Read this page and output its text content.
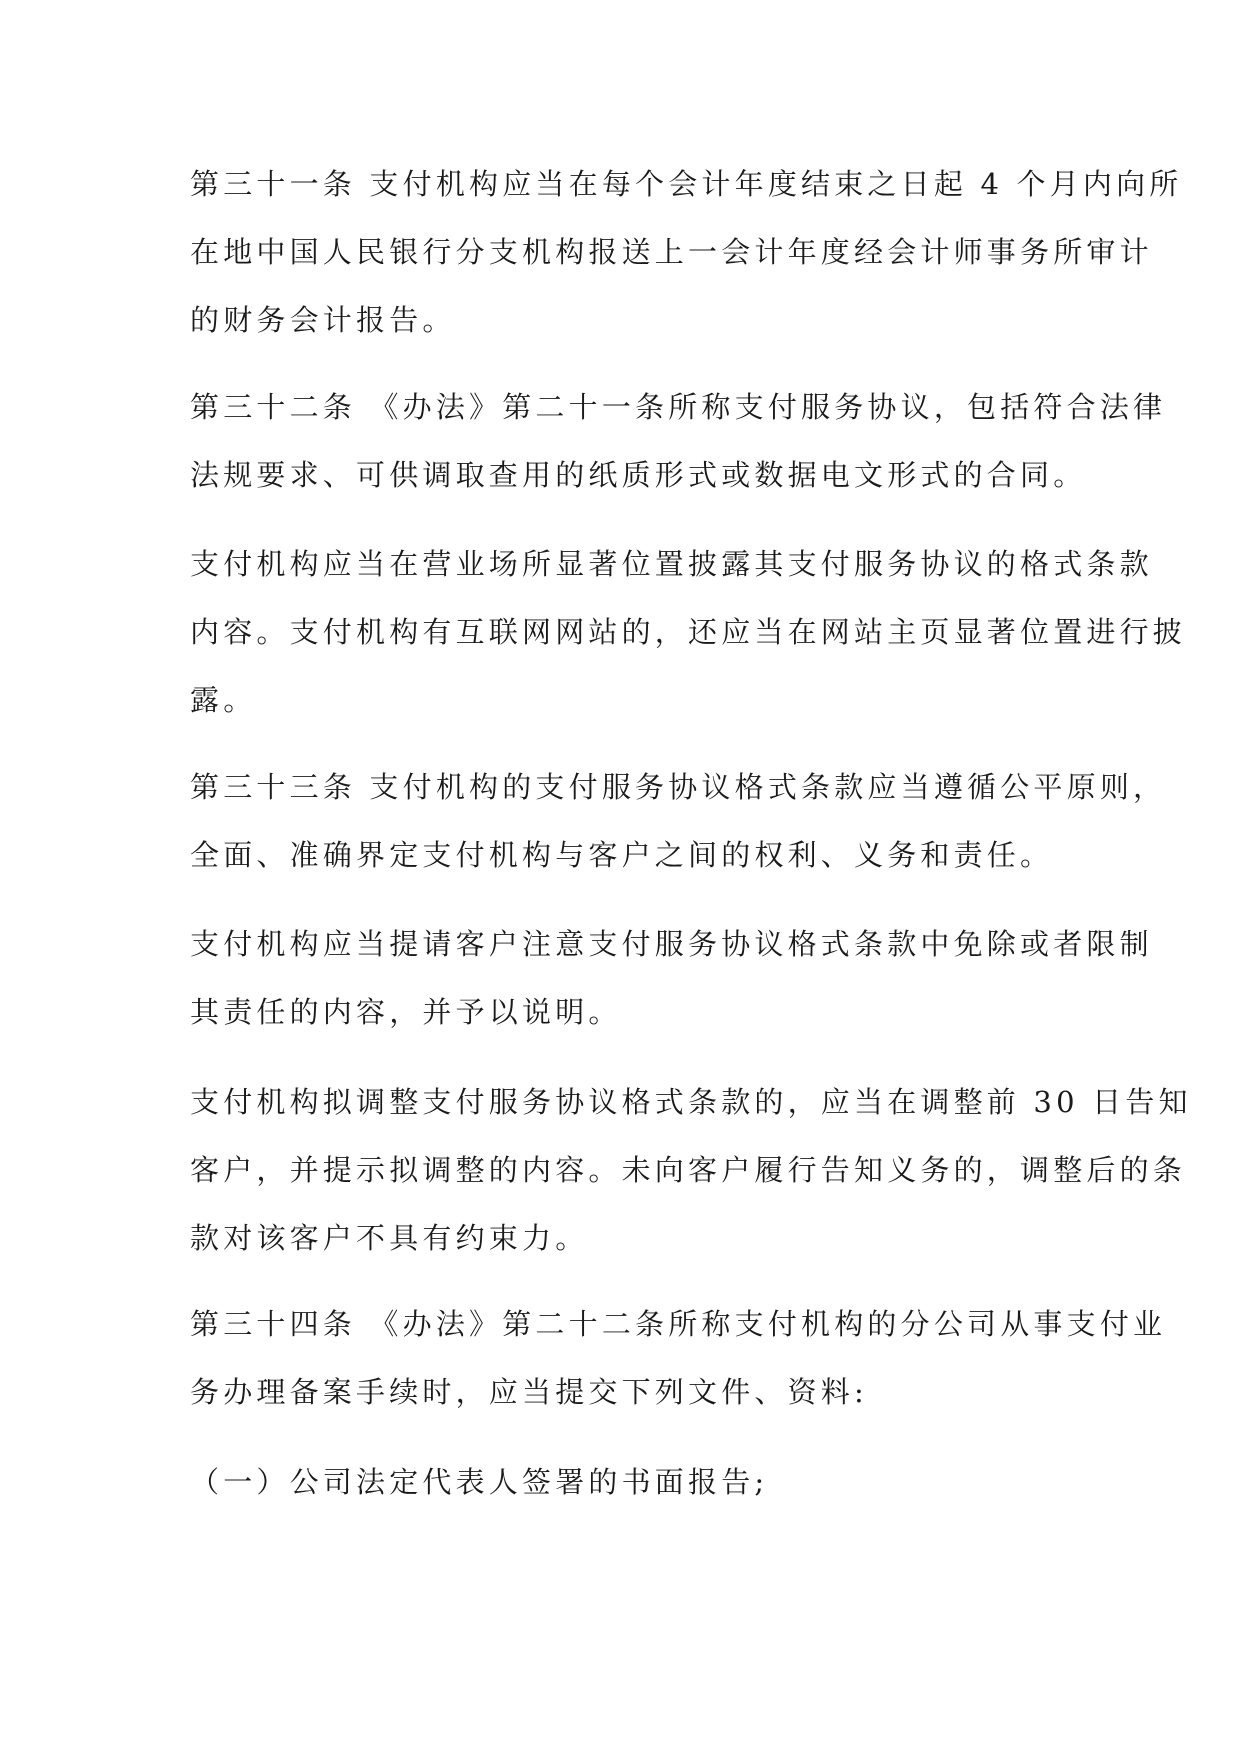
第三十一条 支付机构应当在每个会计年度结束之日起 4 个月内向所
在地中国人民银行分支机构报送上一会计年度经会计师事务所审计
的财务会计报告。
第三十二条 《办法》第二十一条所称支付服务协议，包括符合法律
法规要求、可供调取查用的纸质形式或数据电文形式的合同。
支付机构应当在营业场所显著位置披露其支付服务协议的格式条款
内容。支付机构有互联网网站的，还应当在网站主页显著位置进行披
露。
第三十三条 支付机构的支付服务协议格式条款应当遵循公平原则，
全面、准确界定支付机构与客户之间的权利、义务和责任。
支付机构应当提请客户注意支付服务协议格式条款中免除或者限制
其责任的内容，并予以说明。
支付机构拟调整支付服务协议格式条款的，应当在调整前 30 日告知
客户，并提示拟调整的内容。未向客户履行告知义务的，调整后的条
款对该客户不具有约束力。
第三十四条 《办法》第二十二条所称支付机构的分公司从事支付业
务办理备案手续时，应当提交下列文件、资料:
（一）公司法定代表人签署的书面报告;
